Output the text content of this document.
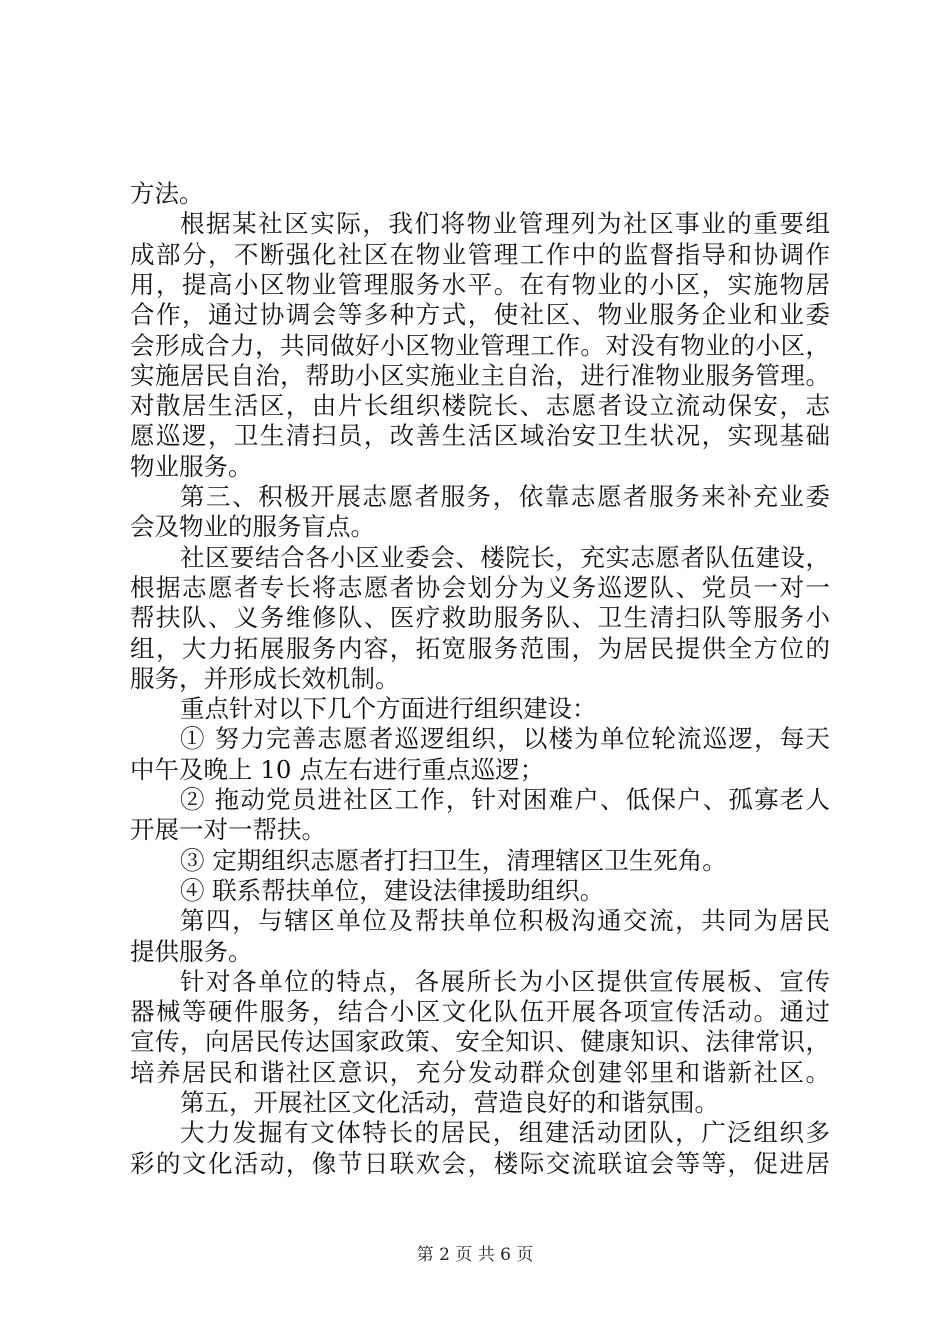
方法。
根据某社区实际，我们将物业管理列为社区事业的重要组
成部分，不断强化社区在物业管理工作中的监督指导和协调作
用，提高小区物业管理服务水平。在有物业的小区，实施物居
合作，通过协调会等多种方式，使社区、物业服务企业和业委
会形成合力，共同做好小区物业管理工作。对没有物业的小区，
实施居民自治，帮助小区实施业主自治，进行准物业服务管理。
对散居生活区，由片长组织楼院长、志愿者设立流动保安，志
愿巡逻，卫生清扫员，改善生活区域治安卫生状况，实现基础
物业服务。
第三、积极开展志愿者服务，依靠志愿者服务来补充业委
会及物业的服务盲点。
社区要结合各小区业委会、楼院长，充实志愿者队伍建设，
根据志愿者专长将志愿者协会划分为义务巡逻队、党员一对一
帮扶队、义务维修队、医疗救助服务队、卫生清扫队等服务小
组，大力拓展服务内容，拓宽服务范围，为居民提供全方位的
服务，并形成长效机制。
重点针对以下几个方面进行组织建设：
① 努力完善志愿者巡逻组织，以楼为单位轮流巡逻，每天
中午及晚上 10 点左右进行重点巡逻；
② 拖动党员进社区工作，针对困难户、低保户、孤寡老人
开展一对一帮扶。
③ 定期组织志愿者打扫卫生，清理辖区卫生死角。
④ 联系帮扶单位，建设法律援助组织。
第四，与辖区单位及帮扶单位积极沟通交流，共同为居民
提供服务。
针对各单位的特点，各展所长为小区提供宣传展板、宣传
器械等硬件服务，结合小区文化队伍开展各项宣传活动。通过
宣传，向居民传达国家政策、安全知识、健康知识、法律常识，
培养居民和谐社区意识，充分发动群众创建邻里和谐新社区。
第五，开展社区文化活动，营造良好的和谐氛围。
大力发掘有文体特长的居民，组建活动团队，广泛组织多
彩的文化活动，像节日联欢会，楼际交流联谊会等等，促进居
第 2 页 共 6 页
